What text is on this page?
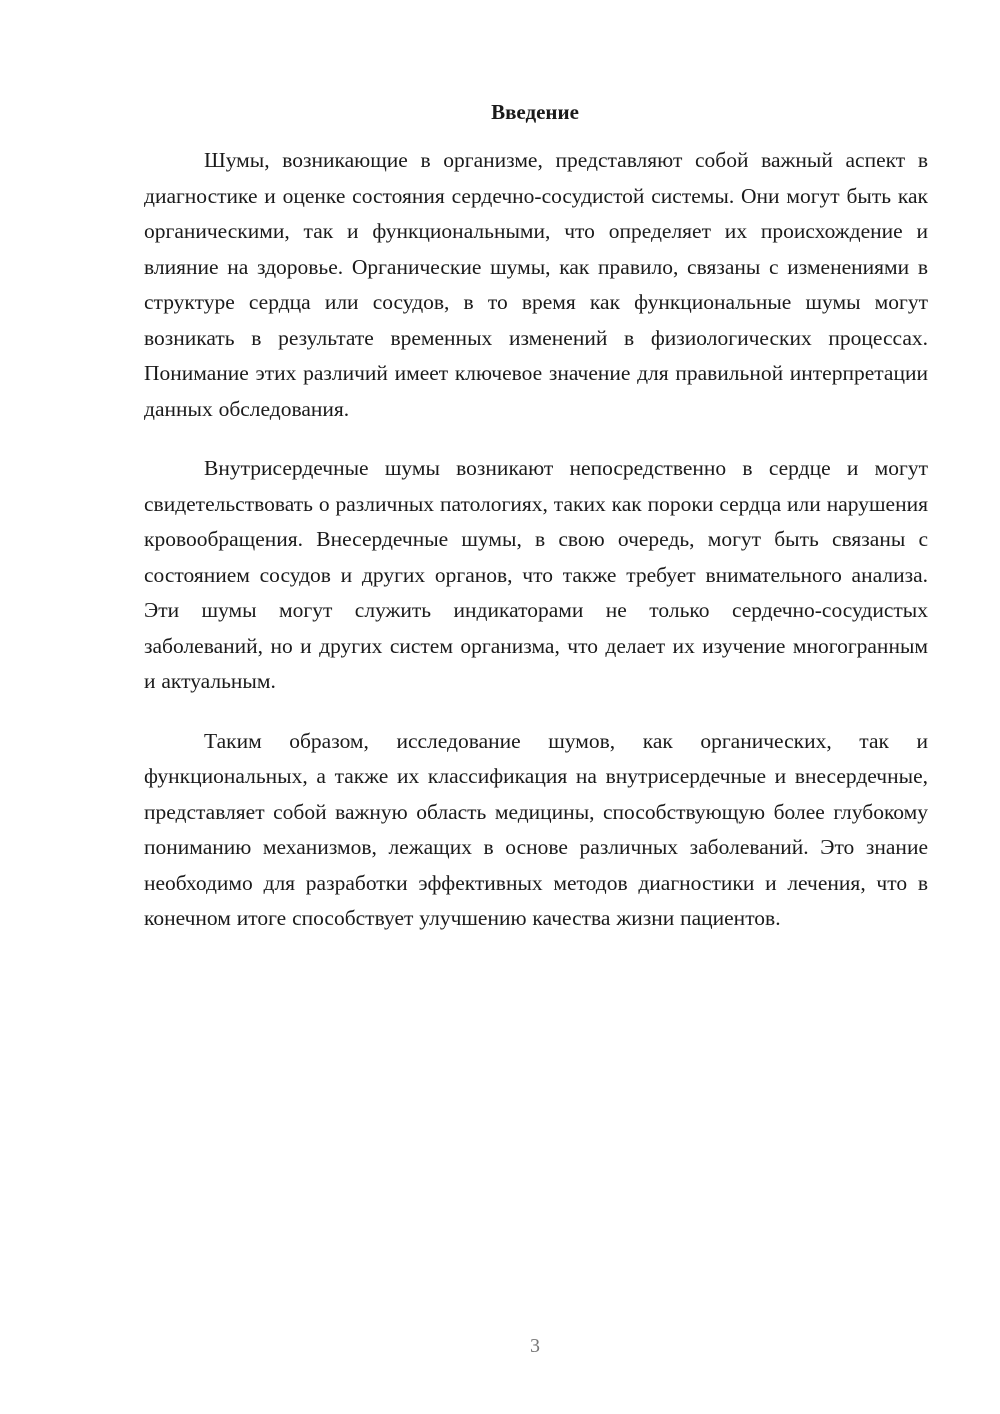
Введение

Шумы, возникающие в организме, представляют собой важный аспект в диагностике и оценке состояния сердечно-сосудистой системы. Они могут быть как органическими, так и функциональными, что определяет их происхождение и влияние на здоровье. Органические шумы, как правило, связаны с изменениями в структуре сердца или сосудов, в то время как функциональные шумы могут возникать в результате временных изменений в физиологических процессах. Понимание этих различий имеет ключевое значение для правильной интерпретации данных обследования.

Внутрисердечные шумы возникают непосредственно в сердце и могут свидетельствовать о различных патологиях, таких как пороки сердца или нарушения кровообращения. Внесердечные шумы, в свою очередь, могут быть связаны с состоянием сосудов и других органов, что также требует внимательного анализа. Эти шумы могут служить индикаторами не только сердечно-сосудистых заболеваний, но и других систем организма, что делает их изучение многогранным и актуальным.

Таким образом, исследование шумов, как органических, так и функциональных, а также их классификация на внутрисердечные и внесердечные, представляет собой важную область медицины, способствующую более глубокому пониманию механизмов, лежащих в основе различных заболеваний. Это знание необходимо для разработки эффективных методов диагностики и лечения, что в конечном итоге способствует улучшению качества жизни пациентов.

3
